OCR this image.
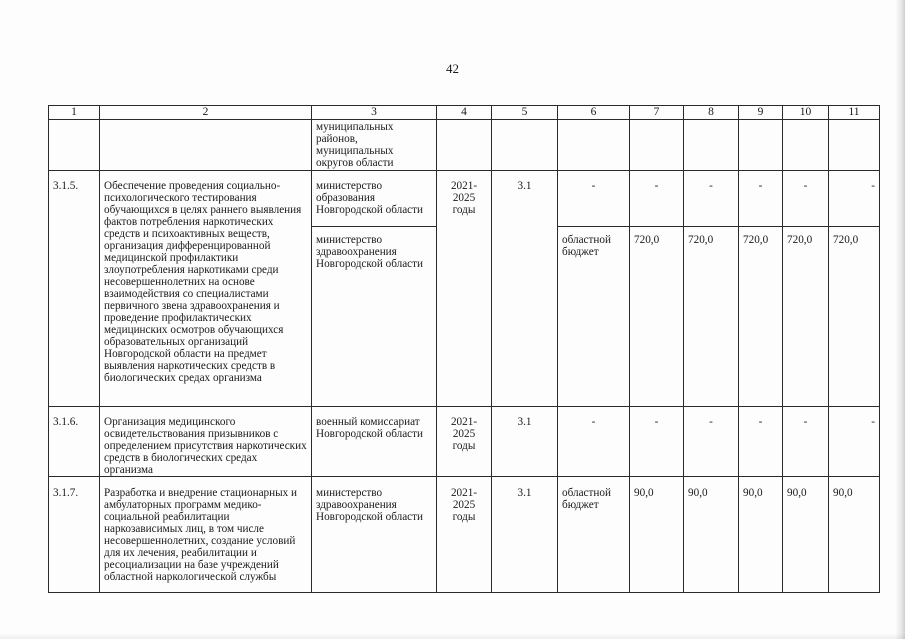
42
1	2	3	4	5	6	7	8	9	10	11
		муниципальных районов, муниципальных округов области								
3.1.5.	Обеспечение проведения социально-психологического тестирования обучающихся в целях раннего выявления фактов потребления наркотических средств и психоактивных веществ, организация дифференцированной медицинской профилактики злоупотребления наркотиками среди несовершеннолетних на основе взаимодействия со специалистами первичного звена здравоохранения и проведение профилактических медицинских осмотров обучающихся образовательных организаций Новгородской области на предмет выявления наркотических средств в биологических средах организма	министерство образования Новгородской области	2021-2025 годы	3.1	-	-	-	-	-	-
		министерство здравоохранения Новгородской области			областной бюджет	720,0	720,0	720,0	720,0	720,0
3.1.6.	Организация медицинского освидетельствования призывников с определением присутствия наркотических средств в биологических средах организма	военный комиссариат Новгородской области	2021-2025 годы	3.1	-	-	-	-	-	-
3.1.7.	Разработка и внедрение стационарных и амбулаторных программ медико-социальной реабилитации наркозависимых лиц, в том числе несовершеннолетних, создание условий для их лечения, реабилитации и ресоциализации на базе учреждений областной наркологической службы	министерство здравоохранения Новгородской области	2021-2025 годы	3.1	областной бюджет	90,0	90,0	90,0	90,0	90,0
